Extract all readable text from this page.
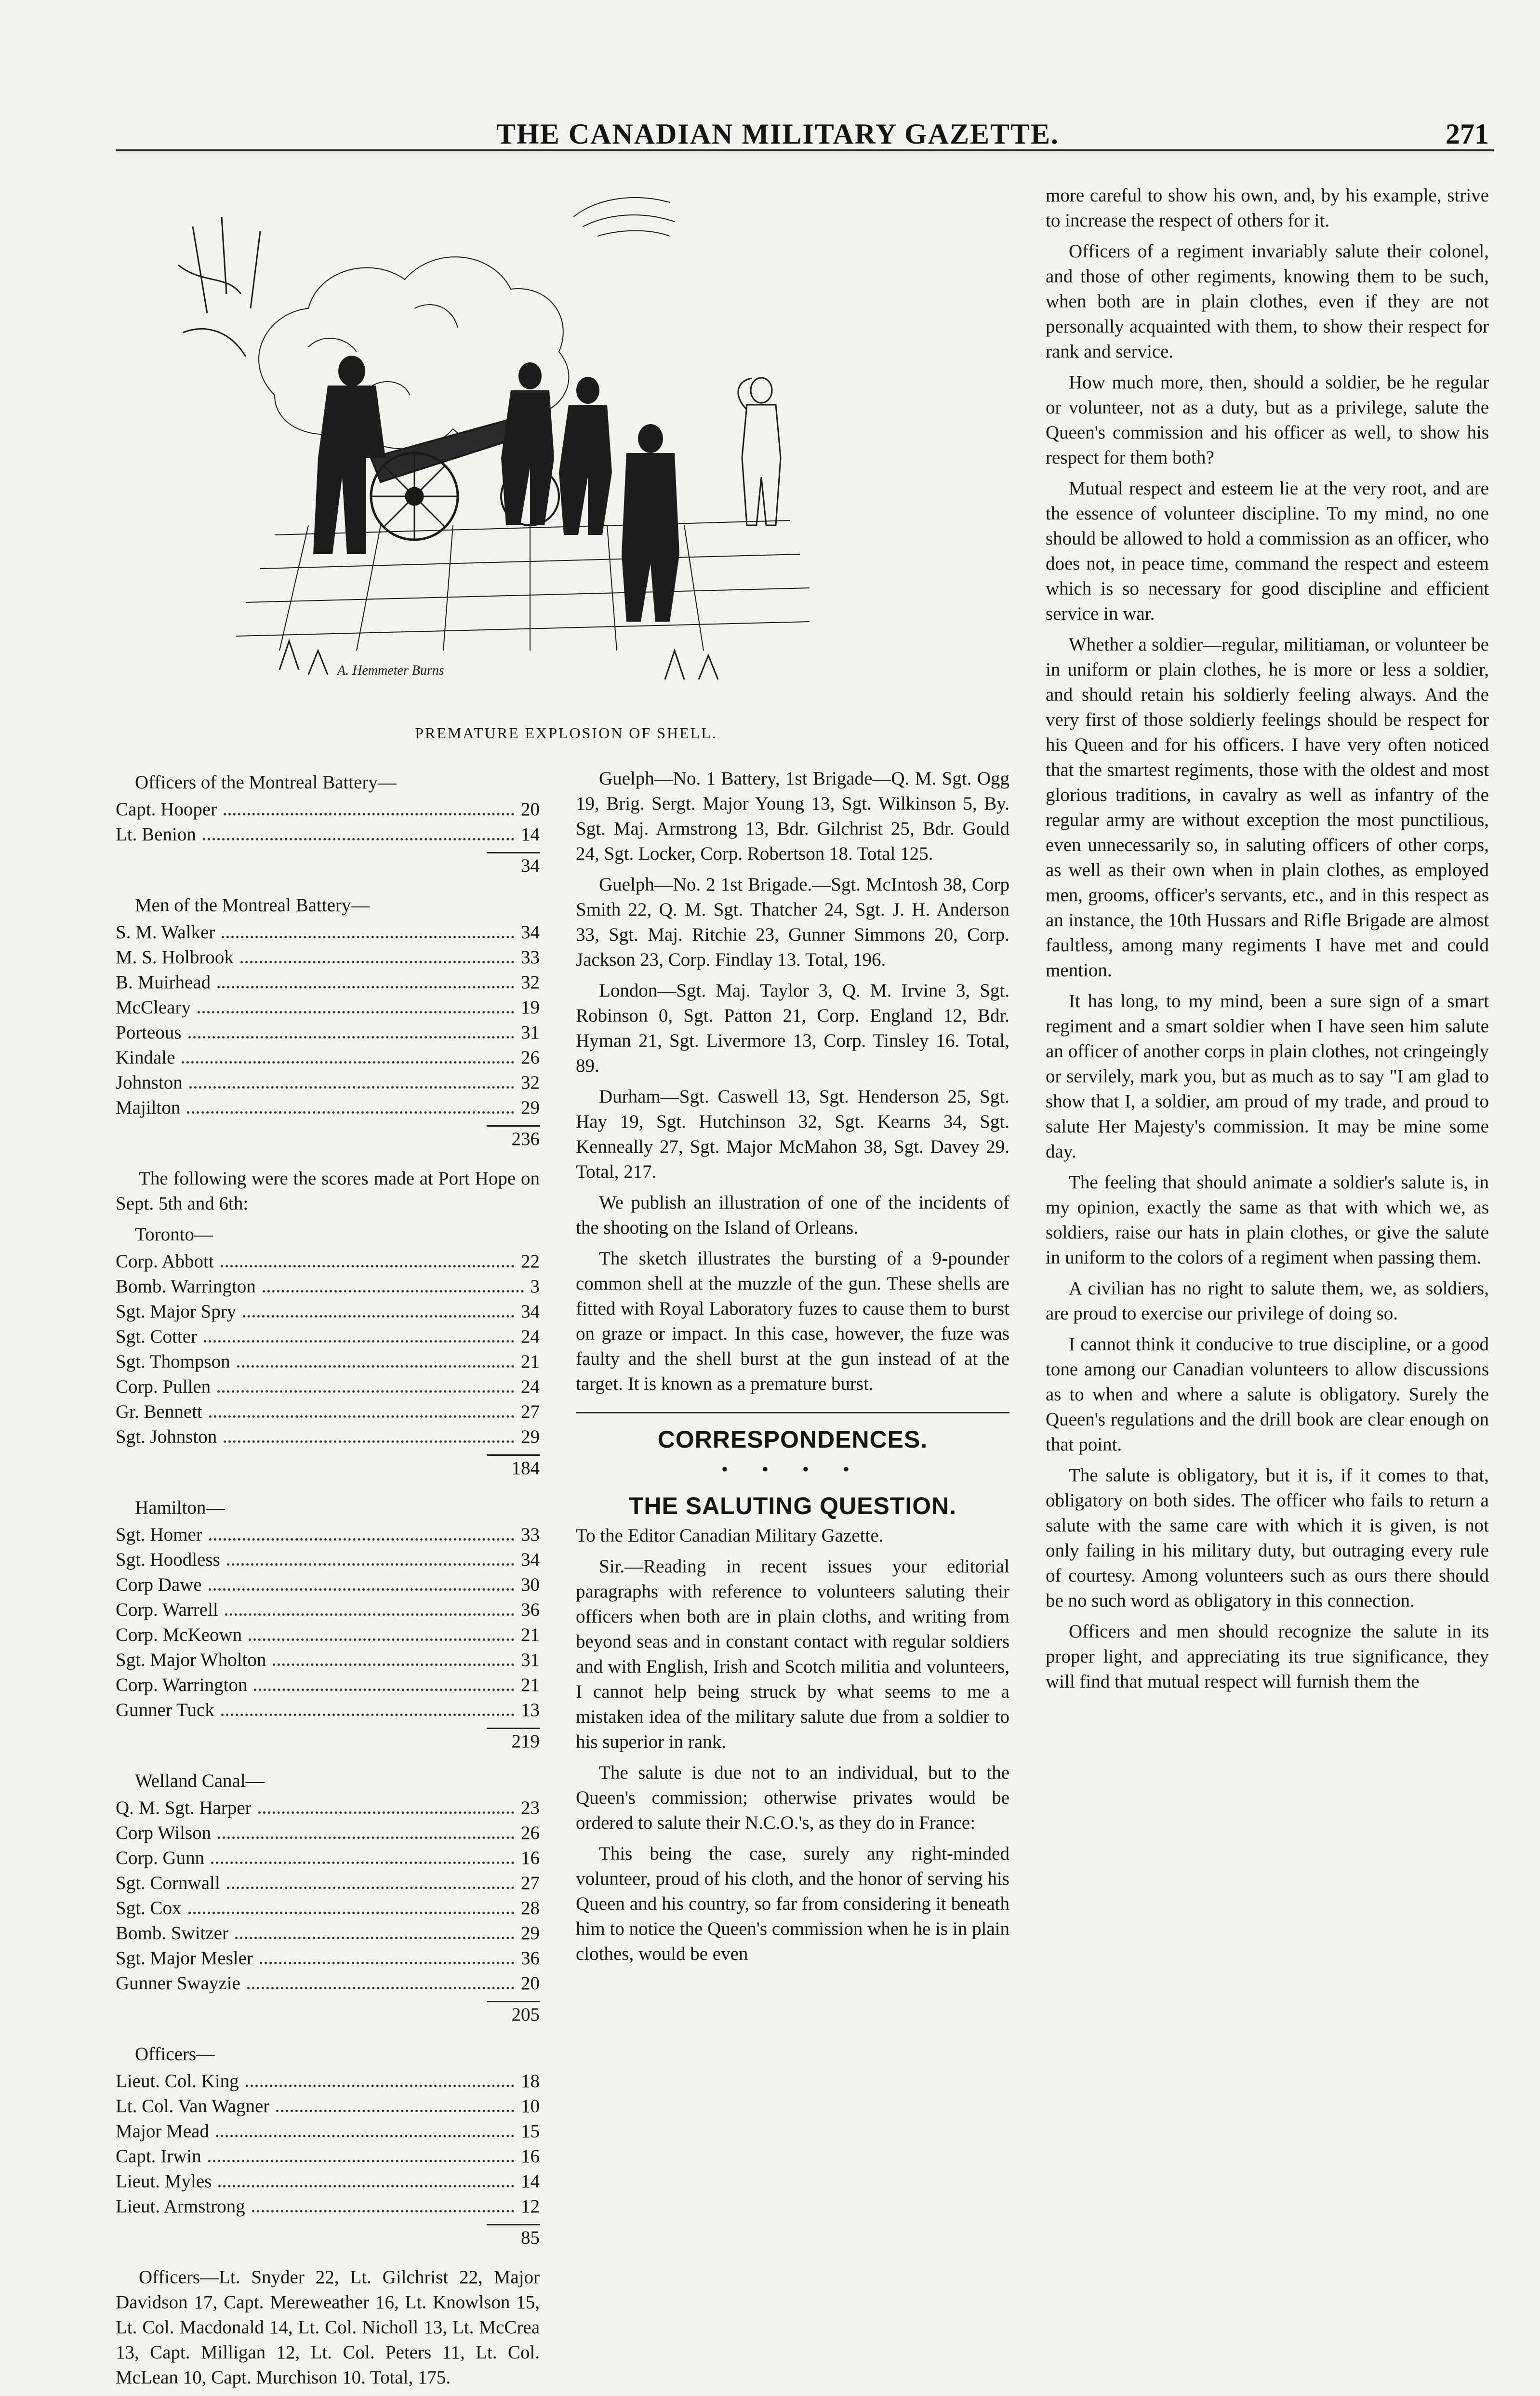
THE CANADIAN MILITARY GAZETTE.	271
A. Hemmeter Burns
PREMATURE EXPLOSION OF SHELL.
Officers of the Montreal Battery—
Capt. Hooper	20
Lt. Benion	14
34
Men of the Montreal Battery—
S. M. Walker	34
M. S. Holbrook	33
B. Muirhead	32
McCleary	19
Porteous	31
Kindale	26
Johnston	32
Majilton	29
236

The following were the scores made at Port Hope on Sept. 5th and 6th:

Toronto—
Corp. Abbott	22
Bomb. Warrington	3
Sgt. Major Spry	34
Sgt. Cotter	24
Sgt. Thompson	21
Corp. Pullen	24
Gr. Bennett	27
Sgt. Johnston	29
184
Hamilton—
Sgt. Homer	33
Sgt. Hoodless	34
Corp Dawe	30
Corp. Warrell	36
Corp. McKeown	21
Sgt. Major Wholton	31
Corp. Warrington	21
Gunner Tuck	13
219
Welland Canal—
Q. M. Sgt. Harper	23
Corp Wilson	26
Corp. Gunn	16
Sgt. Cornwall	27
Sgt. Cox	28
Bomb. Switzer	29
Sgt. Major Mesler	36
Gunner Swayzie	20
205
Officers—
Lieut. Col. King	18
Lt. Col. Van Wagner	10
Major Mead	15
Capt. Irwin	16
Lieut. Myles	14
Lieut. Armstrong	12
85

Officers—Lt. Snyder 22, Lt. Gilchrist 22, Major Davidson 17, Capt. Mereweather 16, Lt. Knowlson 15, Lt. Col. Macdonald 14, Lt. Col. Nicholl 13, Lt. McCrea 13, Capt. Milligan 12, Lt. Col. Peters 11, Lt. Col. McLean 10, Capt. Murchison 10. Total, 175.

Guelph—No. 1 Battery, 1st Brigade—Q. M. Sgt. Ogg 19, Brig. Sergt. Major Young 13, Sgt. Wilkinson 5, By. Sgt. Maj. Armstrong 13, Bdr. Gilchrist 25, Bdr. Gould 24, Sgt. Locker, Corp. Robertson 18. Total 125.

Guelph—No. 2 1st Brigade.—Sgt. McIntosh 38, Corp Smith 22, Q. M. Sgt. Thatcher 24, Sgt. J. H. Anderson 33, Sgt. Maj. Ritchie 23, Gunner Simmons 20, Corp. Jackson 23, Corp. Findlay 13. Total, 196.

London—Sgt. Maj. Taylor 3, Q. M. Irvine 3, Sgt. Robinson 0, Sgt. Patton 21, Corp. England 12, Bdr. Hyman 21, Sgt. Livermore 13, Corp. Tinsley 16. Total, 89.

Durham—Sgt. Caswell 13, Sgt. Henderson 25, Sgt. Hay 19, Sgt. Hutchinson 32, Sgt. Kearns 34, Sgt. Kenneally 27, Sgt. Major McMahon 38, Sgt. Davey 29. Total, 217.

We publish an illustration of one of the incidents of the shooting on the Island of Orleans.

The sketch illustrates the bursting of a 9-pounder common shell at the muzzle of the gun. These shells are fitted with Royal Laboratory fuzes to cause them to burst on graze or impact. In this case, however, the fuze was faulty and the shell burst at the gun instead of at the target. It is known as a premature burst.

CORRESPONDENCES.
• • • •
THE SALUTING QUESTION.

To the Editor Canadian Military Gazette.

Sir.—Reading in recent issues your editorial paragraphs with reference to volunteers saluting their officers when both are in plain cloths, and writing from beyond seas and in constant contact with regular soldiers and with English, Irish and Scotch militia and volunteers, I cannot help being struck by what seems to me a mistaken idea of the military salute due from a soldier to his superior in rank.

The salute is due not to an individual, but to the Queen's commission; otherwise privates would be ordered to salute their N.C.O.'s, as they do in France:

This being the case, surely any right-minded volunteer, proud of his cloth, and the honor of serving his Queen and his country, so far from considering it beneath him to notice the Queen's commission when he is in plain clothes, would be even

more careful to show his own, and, by his example, strive to increase the respect of others for it.

Officers of a regiment invariably salute their colonel, and those of other regiments, knowing them to be such, when both are in plain clothes, even if they are not personally acquainted with them, to show their respect for rank and service.

How much more, then, should a soldier, be he regular or volunteer, not as a duty, but as a privilege, salute the Queen's commission and his officer as well, to show his respect for them both?

Mutual respect and esteem lie at the very root, and are the essence of volunteer discipline. To my mind, no one should be allowed to hold a commission as an officer, who does not, in peace time, command the respect and esteem which is so necessary for good discipline and efficient service in war.

Whether a soldier—regular, militiaman, or volunteer be in uniform or plain clothes, he is more or less a soldier, and should retain his soldierly feeling always. And the very first of those soldierly feelings should be respect for his Queen and for his officers. I have very often noticed that the smartest regiments, those with the oldest and most glorious traditions, in cavalry as well as infantry of the regular army are without exception the most punctilious, even unnecessarily so, in saluting officers of other corps, as well as their own when in plain clothes, as employed men, grooms, officer's servants, etc., and in this respect as an instance, the 10th Hussars and Rifle Brigade are almost faultless, among many regiments I have met and could mention.

It has long, to my mind, been a sure sign of a smart regiment and a smart soldier when I have seen him salute an officer of another corps in plain clothes, not cringeingly or servilely, mark you, but as much as to say "I am glad to show that I, a soldier, am proud of my trade, and proud to salute Her Majesty's commission. It may be mine some day.

The feeling that should animate a soldier's salute is, in my opinion, exactly the same as that with which we, as soldiers, raise our hats in plain clothes, or give the salute in uniform to the colors of a regiment when passing them.

A civilian has no right to salute them, we, as soldiers, are proud to exercise our privilege of doing so.

I cannot think it conducive to true discipline, or a good tone among our Canadian volunteers to allow discussions as to when and where a salute is obligatory. Surely the Queen's regulations and the drill book are clear enough on that point.

The salute is obligatory, but it is, if it comes to that, obligatory on both sides. The officer who fails to return a salute with the same care with which it is given, is not only failing in his military duty, but outraging every rule of courtesy. Among volunteers such as ours there should be no such word as obligatory in this connection.

Officers and men should recognize the salute in its proper light, and appreciating its true significance, they will find that mutual respect will furnish them the
